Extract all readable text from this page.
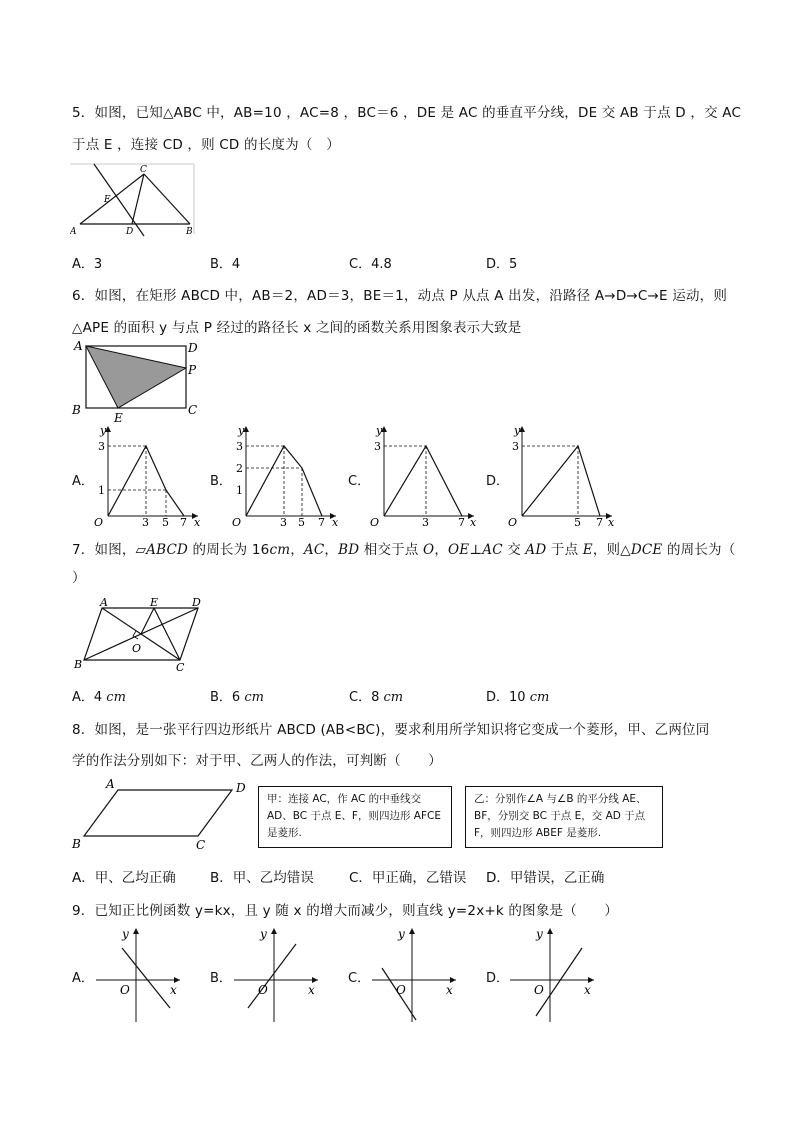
5．如图，已知△ABC 中，AB=10 ，AC=8 ，BC＝6 ，DE 是 AC 的垂直平分线，DE 交 AB 于点 D ，交 AC
于点 E ，连接 CD ，则 CD 的长度为（　）
A	B
C
D
E
A．3	B．4	C．4.8	D．5
6．如图，在矩形 ABCD 中，AB＝2，AD＝3，BE＝1，动点 P 从点 A 出发，沿路径 A→D→C→E 运动，则
△APE 的面积 y 与点 P 经过的路径长 x 之间的函数关系用图象表示大致是
A	D
P
B	C
E
A．
y
x
O
3
1
3 5 7
B．
y
x
O
3
2
1
3 5 7
C．
y
x
O
3
3	7
D．
y
x
O
3
5 7
7．如图，▱ABCD 的周长为 16cm，AC，BD 相交于点 O，OE⊥AC 交 AD 于点 E，则△DCE 的周长为（
）
A	E	D
B	C
O
A．4 cm	B．6 cm	C．8 cm	D．10 cm
8．如图，是一张平行四边形纸片 ABCD (AB<BC)，要求利用所学知识将它变成一个菱形，甲、乙两位同
学的作法分别如下：对于甲、乙两人的作法，可判断（　　）
A	D
B	C
甲：连接 AC，作 AC 的中垂线交
AD、BC 于点 E、F，则四边形 AFCE
是菱形.
乙：分别作∠A 与∠B 的平分线 AE、
BF，分别交 BC 于点 E，交 AD 于点
F，则四边形 ABEF 是菱形.
A．甲、乙均正确	B．甲、乙均错误	C．甲正确，乙错误 D．甲错误，乙正确
9．已知正比例函数 y=kx，且 y 随 x 的增大而减少，则直线 y=2x+k 的图象是（　　）
A．
y
x
O
B．
y
x
O
C．
y
x
O
D．
y
x
O
